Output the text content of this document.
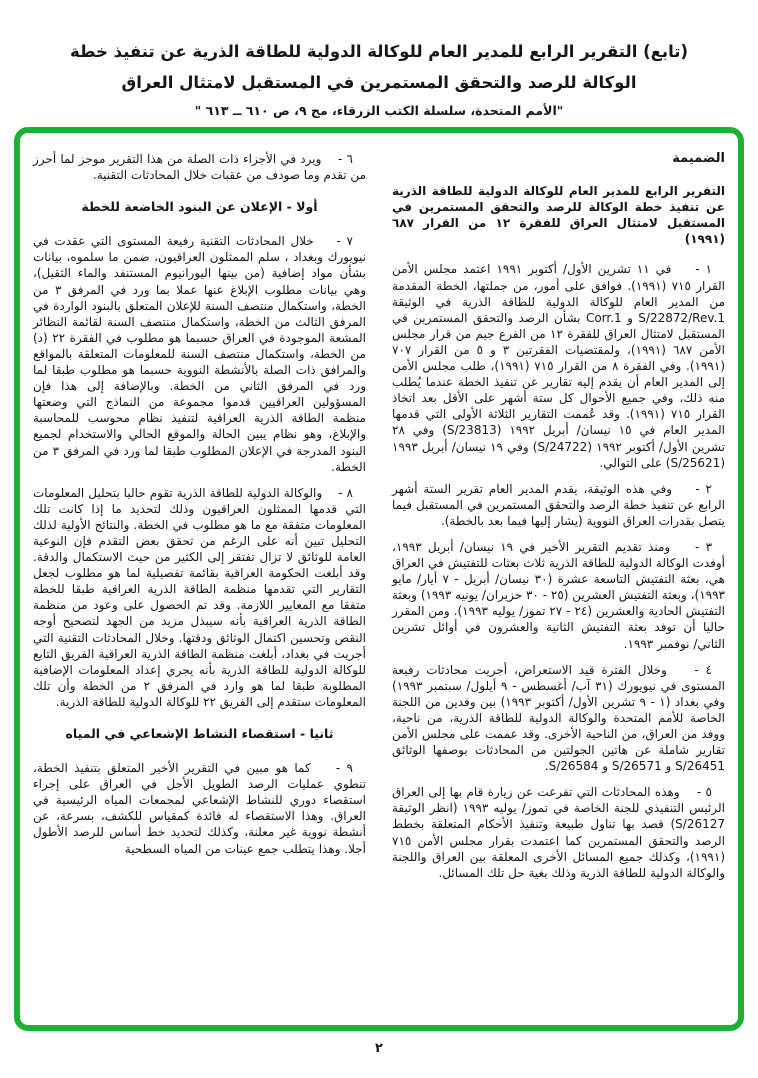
(تابع) التقرير الرابع للمدير العام للوكالة الدولية للطاقة الذرية عن تنفيذ خطة
الوكالة للرصد والتحقق المستمرين في المستقبل لامتثال العراق
"الأمم المتحدة، سلسلة الكتب الزرقاء، مج ٩، ص ٦١٠ ــ ٦١٣ "
الضميمة

التقرير الرابع للمدير العام للوكالة الدولية للطاقة الذرية عن تنفيذ خطة الوكالة للرصد والتحقق المستمرين في المستقبل لامتثال العراق للفقرة ١٢ من القرار ٦٨٧ (١٩٩١)

١ -    في ١١ تشرين الأول/ أكتوبر ١٩٩١ اعتمد مجلس الأمن القرار ٧١٥ (١٩٩١). فوافق على أمور، من جملتها، الخطة المقدمة من المدير العام للوكالة الدولية للطاقة الذرية في الوثيقة S/22872/Rev.1 و Corr.1 بشأن الرصد والتحقق المستمرين في المستقبل لامتثال العراق للفقرة ١٢ من الفرع جيم من قرار مجلس الأمن ٦٨٧ (١٩٩١)، ولمقتضيات الفقرتين ٣ و ٥ من القرار ٧٠٧ (١٩٩١). وفي الفقرة ٨ من القرار ٧١٥ (١٩٩١)، طلب مجلس الأمن إلى المدير العام أن يقدم إليه تقارير عن تنفيذ الخطة عندما يُطلب منه ذلك، وفي جميع الأحوال كل ستة أشهر على الأقل بعد اتخاذ القرار ٧١٥ (١٩٩١). وقد عُممت التقارير الثلاثة الأولى التي قدمها المدير العام في ١٥ نيسان/ أبريل ١٩٩٢ (S/23813) وفي ٢٨ تشرين الأول/ أكتوبر ١٩٩٢ (S/24722) وفي ١٩ نيسان/ أبريل ١٩٩٣ (S/25621) على التوالي.

٢ -    وفي هذه الوثيقة، يقدم المدير العام تقرير الستة أشهر الرابع عن تنفيذ خطة الرصد والتحقق المستمرين في المستقبل فيما يتصل بقدرات العراق النووية (يشار إليها فيما بعد بالخطة).

٣ -    ومنذ تقديم التقرير الأخير في ١٩ نيسان/ أبريل ١٩٩٣، أوفدت الوكالة الدولية للطاقة الذرية ثلاث بعثات للتفتيش في العراق هي، بعثة التفتيش التاسعة عشرة (٣٠ نيسان/ أبريل - ٧ أيار/ مايو ١٩٩٣)، وبعثة التفتيش العشرين (٢٥ - ٣٠ حزيران/ يونيه ١٩٩٣) وبعثة التفتيش الحادية والعشرين (٢٤ - ٢٧ تموز/ يوليه ١٩٩٣). ومن المقرر حاليا أن توفد بعثة التفتيش الثانية والعشرون في أوائل تشرين الثاني/ نوفمبر ١٩٩٣.

٤ -    وخلال الفترة قيد الاستعراض، أجريت محادثات رفيعة المستوى في نيويورك (٣١ آب/ أغسطس - ٩ أيلول/ سبتمبر ١٩٩٣) وفي بغداد (١ - ٩ تشرين الأول/ أكتوبر ١٩٩٣) بين وفدين من اللجنة الخاصة للأمم المتحدة والوكالة الدولية للطاقة الذرية، من ناحية، ووفد من العراق، من الناحية الأخرى. وقد عممت على مجلس الأمن تقارير شاملة عن هاتين الجولتين من المحادثات بوصفها الوثائق S/26451 و S/26571 و S/26584.

٥ -    وهذه المحادثات التي تفرعت عن زيارة قام بها إلى العراق الرئيس التنفيذي للجنة الخاصة في تموز/ يوليه ١٩٩٣ (انظر الوثيقة S/26127) قصد بها تناول طبيعة وتنفيذ الأحكام المتعلقة بخطط الرصد والتحقق المستمرين كما اعتمدت بقرار مجلس الأمن ٧١٥ (١٩٩١)، وكذلك جميع المسائل الأخرى المعلقة بين العراق واللجنة والوكالة الدولية للطاقة الذرية وذلك بغية حل تلك المسائل.

٦ -    ويرد في الأجزاء ذات الصلة من هذا التقرير موجز لما أحرز من تقدم وما صودف من عقبات خلال المحادثات التقنية.

أولا - الإعلان عن البنود الخاضعة للخطة

٧ -    خلال المحادثات التقنية رفيعة المستوى التي عقدت في نيويورك وبغداد ، سلم الممثلون العراقيون، ضمن ما سلموه، بيانات بشأن مواد إضافية (من بينها اليورانيوم المستنفد والماء الثقيل)، وهي بيانات مطلوب الإبلاغ عنها عملا بما ورد في المرفق ٣ من الخطة، واستكمال منتصف السنة للإعلان المتعلق بالبنود الواردة في المرفق الثالث من الخطة، واستكمال منتصف السنة لقائمة النظائر المشعة الموجودة في العراق حسبما هو مطلوب في الفقرة ٢٢ (د) من الخطة، واستكمال منتصف السنة للمعلومات المتعلقة بالمواقع والمرافق ذات الصلة بالأنشطة النووية حسبما هو مطلوب طبقا لما ورد في المرفق الثاني من الخطة. وبالإضافة إلى هذا فإن المسؤولين العراقيين قدموا مجموعة من النماذج التي وضعتها منظمة الطاقة الذرية العراقية لتنفيذ نظام محوسب للمحاسبة والإبلاغ، وهو نظام يبين الحالة والموقع الحالي والاستخدام لجميع البنود المدرجة في الإعلان المطلوب طبقا لما ورد في المرفق ٣ من الخطة.

٨ -    والوكالة الدولية للطاقة الذرية تقوم حاليا بتحليل المعلومات التي قدمها الممثلون العراقيون وذلك لتحديد ما إذا كانت تلك المعلومات متفقة مع ما هو مطلوب في الخطة. والنتائج الأولية لذلك التحليل تبين أنه على الرغم من تحقق بعض التقدم فإن النوعية العامة للوثائق لا تزال تفتقر إلى الكثير من حيث الاستكمال والدقة. وقد أبلغت الحكومة العراقية بقائمة تفصيلية لما هو مطلوب لجعل التقارير التي تقدمها منظمة الطاقة الذرية العراقية طبقا للخطة متفقا مع المعايير اللازمة. وقد تم الحصول على وعود من منظمة الطاقة الذرية العراقية بأنه سيبذل مزيد من الجهد لتصحيح أوجه النقص وتحسين اكتمال الوثائق ودقتها. وخلال المحادثات التقنية التي أجريت في بغداد، أبلغت منظمة الطاقة الذرية العراقية الفريق التابع للوكالة الدولية للطاقة الذرية بأنه يجري إعداد المعلومات الإضافية المطلوبة طبقا لما هو وارد في المرفق ٢ من الخطة وأن تلك المعلومات ستقدم إلى الفريق ٢٢ للوكالة الدولية للطاقة الذرية.

ثانيا - استقصاء النشاط الإشعاعي في المياه

٩ -    كما هو مبين في التقرير الأخير المتعلق بتنفيذ الخطة، تنطوي عمليات الرصد الطويل الأجل في العراق على إجراء استقصاء دوري للنشاط الإشعاعي لمجمعات المياه الرئيسية في العراق. وهذا الاستقصاء له فائدة كمقياس للكشف، بسرعة، عن أنشطة نووية غير معلنة، وكذلك لتحديد خط أساس للرصد الأطول أجلا. وهذا يتطلب جمع عينات من المياه السطحية

٢
